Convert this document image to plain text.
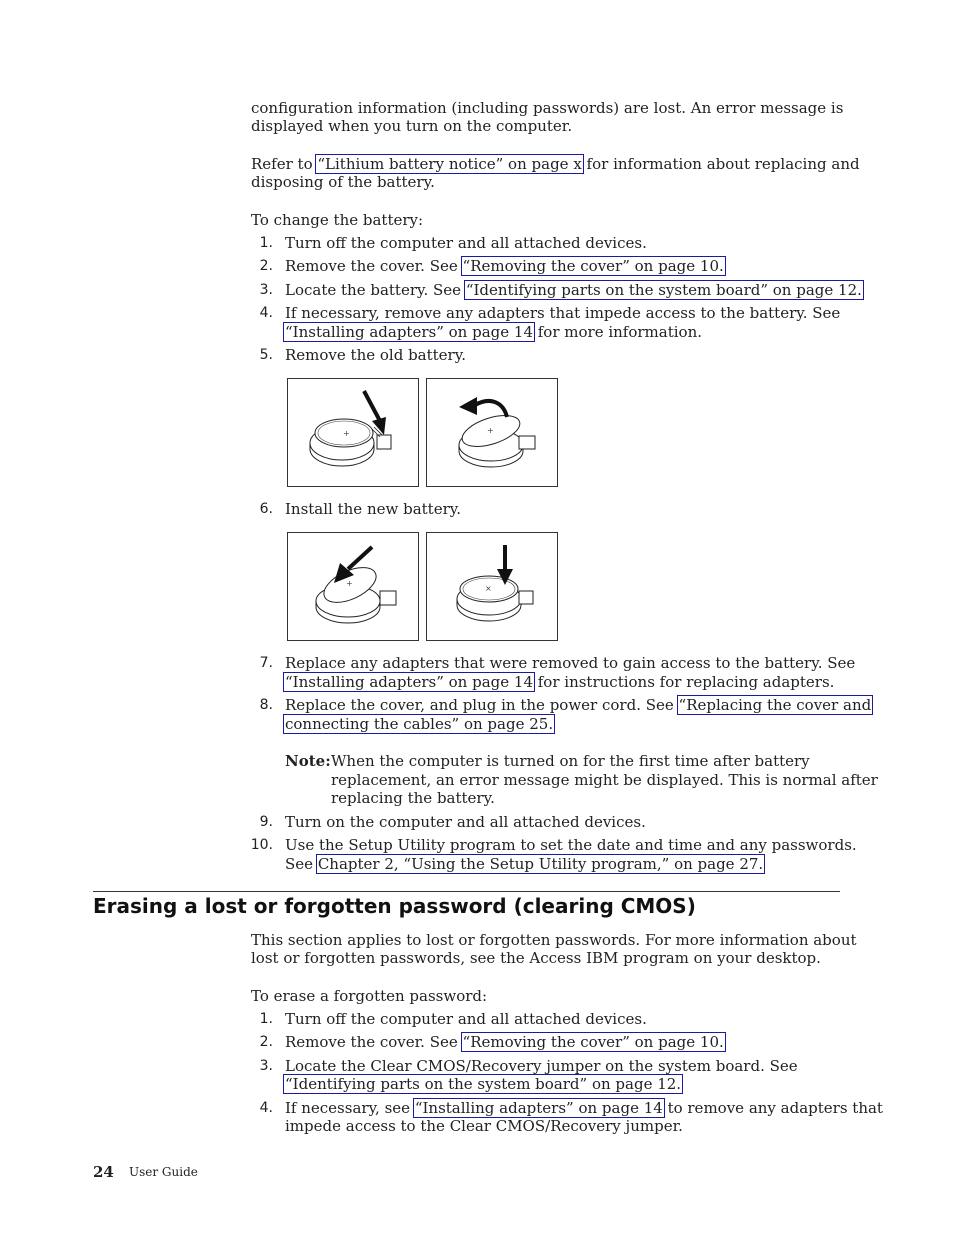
configuration information (including passwords) are lost. An error message is
displayed when you turn on the computer.
Refer to “Lithium battery notice” on page x for information about replacing and
disposing of the battery.
To change the battery:
1. Turn off the computer and all attached devices.
2. Remove the cover. See “Removing the cover” on page 10.
3. Locate the battery. See “Identifying parts on the system board” on page 12.
4. If necessary, remove any adapters that impede access to the battery. See
“Installing adapters” on page 14 for more information.
5. Remove the old battery.
+	+
6. Install the new battery.
+
×
7. Replace any adapters that were removed to gain access to the battery. See
“Installing adapters” on page 14 for instructions for replacing adapters.
8. Replace the cover, and plug in the power cord. See “Replacing the cover and
connecting the cables” on page 25.
Note: When the computer is turned on for the first time after battery
replacement, an error message might be displayed. This is normal after
replacing the battery.
9. Turn on the computer and all attached devices.
10. Use the Setup Utility program to set the date and time and any passwords.
See Chapter 2, “Using the Setup Utility program,” on page 27.
Erasing a lost or forgotten password (clearing CMOS)
This section applies to lost or forgotten passwords. For more information about
lost or forgotten passwords, see the Access IBM program on your desktop.
To erase a forgotten password:
1. Turn off the computer and all attached devices.
2. Remove the cover. See “Removing the cover” on page 10.
3. Locate the Clear CMOS/Recovery jumper on the system board. See
“Identifying parts on the system board” on page 12.
4. If necessary, see “Installing adapters” on page 14 to remove any adapters that
impede access to the Clear CMOS/Recovery jumper.
24 User Guide
